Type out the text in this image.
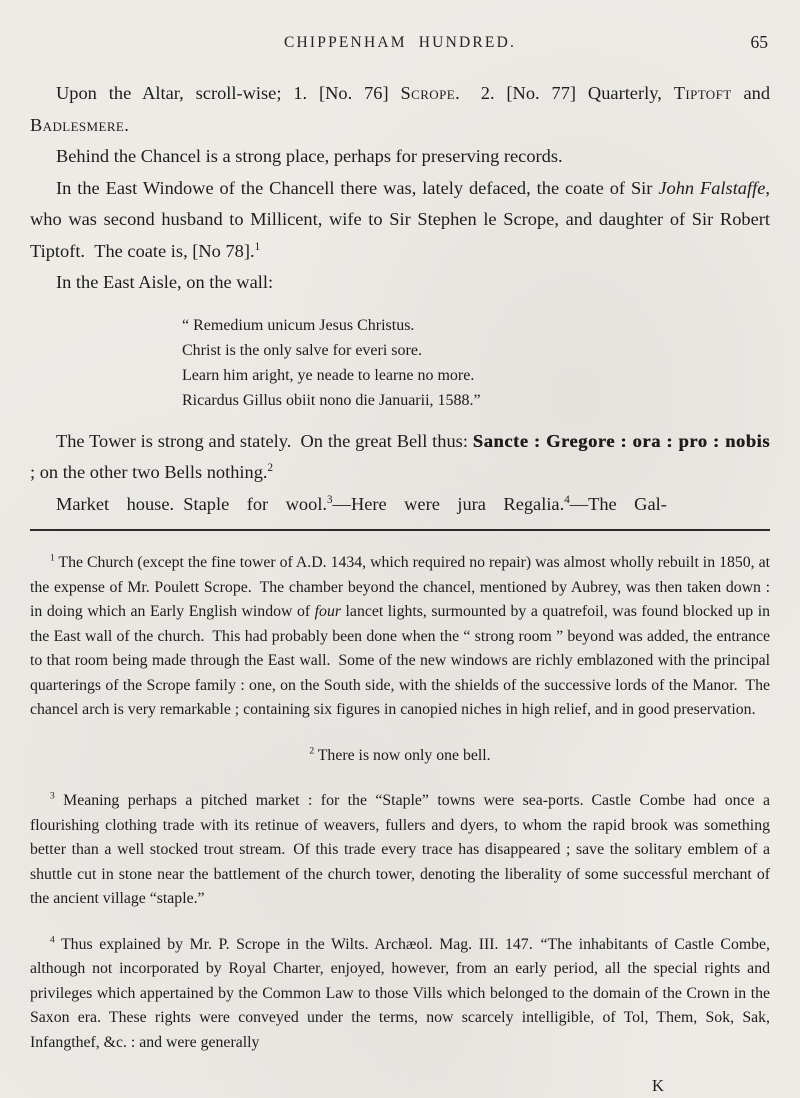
CHIPPENHAM HUNDRED.	65

Upon the Altar, scroll-wise; 1. [No. 76] Scrope.  2. [No. 77] Quarterly, Tiptoft and Badlesmere.

Behind the Chancel is a strong place, perhaps for preserving records.

In the East Windowe of the Chancell there was, lately defaced, the coate of Sir John Falstaffe, who was second husband to Millicent, wife to Sir Stephen le Scrope, and daughter of Sir Robert Tiptoft. The coate is, [No 78].$^1$

In the East Aisle, on the wall:

“ Remedium unicum Jesus Christus.
Christ is the only salve for everi sore.
Learn him aright, ye neade to learne no more.
Ricardus Gillus obiit nono die Januarii, 1588.”

The Tower is strong and stately. On the great Bell thus: Sancte : Gregore : ora : pro : nobis ; on the other two Bells nothing.$^2$

Market house. Staple for wool.$^3$—Here were jura Regalia.$^4$—The Gal-

$^1$ The Church (except the fine tower of A.D. 1434, which required no repair) was almost wholly rebuilt in 1850, at the expense of Mr. Poulett Scrope. The chamber beyond the chancel, mentioned by Aubrey, was then taken down : in doing which an Early English window of four lancet lights, surmounted by a quatrefoil, was found blocked up in the East wall of the church. This had probably been done when the “ strong room ” beyond was added, the entrance to that room being made through the East wall. Some of the new windows are richly emblazoned with the principal quarterings of the Scrope family : one, on the South side, with the shields of the successive lords of the Manor. The chancel arch is very remarkable ; containing six figures in canopied niches in high relief, and in good preservation.

$^2$ There is now only one bell.

$^3$ Meaning perhaps a pitched market : for the “Staple” towns were sea-ports. Castle Combe had once a flourishing clothing trade with its retinue of weavers, fullers and dyers, to whom the rapid brook was something better than a well stocked trout stream. Of this trade every trace has disappeared ; save the solitary emblem of a shuttle cut in stone near the battlement of the church tower, denoting the liberality of some successful merchant of the ancient village “staple.”

$^4$ Thus explained by Mr. P. Scrope in the Wilts. Archæol. Mag. III. 147. “The inhabitants of Castle Combe, although not incorporated by Royal Charter, enjoyed, however, from an early period, all the special rights and privileges which appertained by the Common Law to those Vills which belonged to the domain of the Crown in the Saxon era. These rights were conveyed under the terms, now scarcely intelligible, of Tol, Them, Sok, Sak, Infangthef, &c. : and were generally

K
